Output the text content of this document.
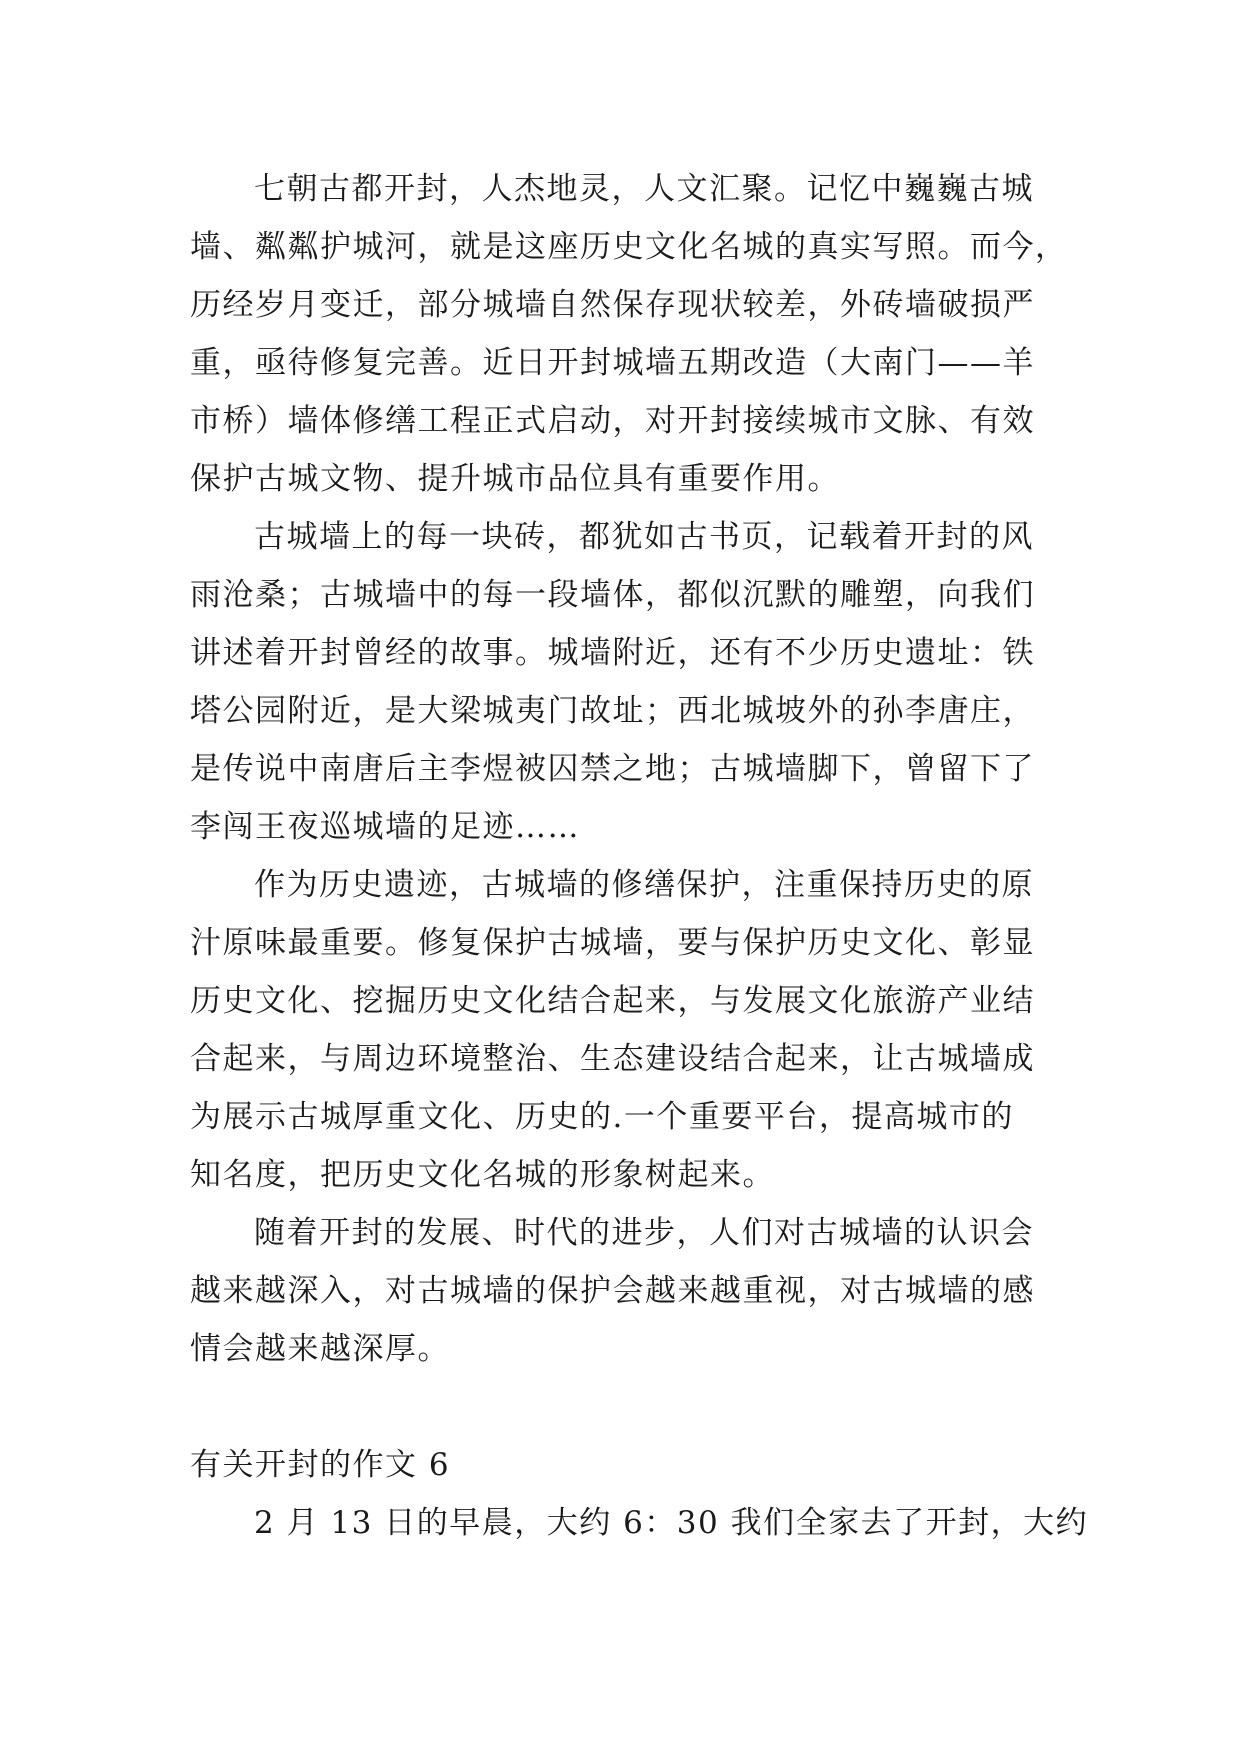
七朝古都开封，人杰地灵，人文汇聚。记忆中巍巍古城
墙、粼粼护城河，就是这座历史文化名城的真实写照。而今，
历经岁月变迁，部分城墙自然保存现状较差，外砖墙破损严
重，亟待修复完善。近日开封城墙五期改造（大南门——羊
市桥）墙体修缮工程正式启动，对开封接续城市文脉、有效
保护古城文物、提升城市品位具有重要作用。
古城墙上的每一块砖，都犹如古书页，记载着开封的风
雨沧桑；古城墙中的每一段墙体，都似沉默的雕塑，向我们
讲述着开封曾经的故事。城墙附近，还有不少历史遗址：铁
塔公园附近，是大梁城夷门故址；西北城坡外的孙李唐庄，
是传说中南唐后主李煜被囚禁之地；古城墙脚下，曾留下了
李闯王夜巡城墙的足迹……
作为历史遗迹，古城墙的修缮保护，注重保持历史的原
汁原味最重要。修复保护古城墙，要与保护历史文化、彰显
历史文化、挖掘历史文化结合起来，与发展文化旅游产业结
合起来，与周边环境整治、生态建设结合起来，让古城墙成
为展示古城厚重文化、历史的.一个重要平台，提高城市的
知名度，把历史文化名城的形象树起来。
随着开封的发展、时代的进步，人们对古城墙的认识会
越来越深入，对古城墙的保护会越来越重视，对古城墙的感
情会越来越深厚。
有关开封的作文 6
2 月 13 日的早晨，大约 6：30 我们全家去了开封，大约
